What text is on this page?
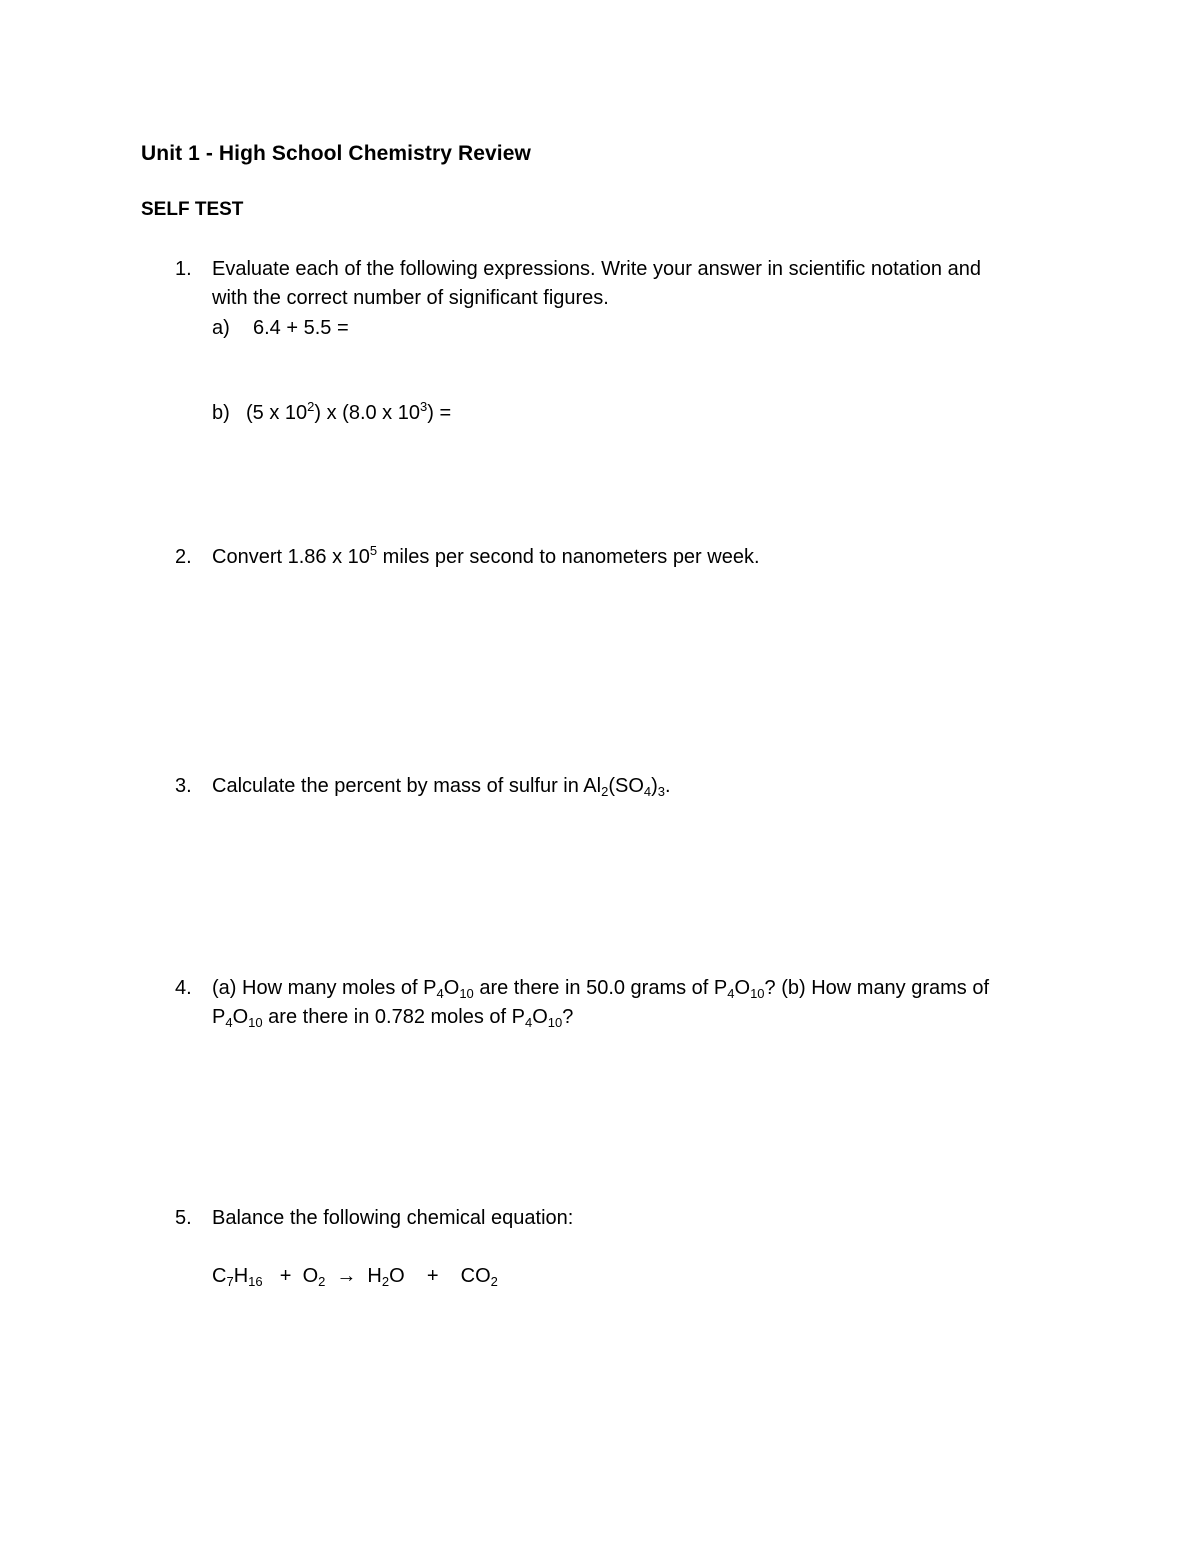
Unit 1 - High School Chemistry Review
SELF TEST
1. Evaluate each of the following expressions. Write your answer in scientific notation and
with the correct number of significant figures.
a) 6.4 + 5.5 =
b) (5 x $10^2$) x (8.0 x $10^3$) =
2. Convert 1.86 x $10^5$ miles per second to nanometers per week.
3. Calculate the percent by mass of sulfur in $Al_2(SO_4)_3$.
4. (a) How many moles of $P_4O_{10}$ are there in 50.0 grams of $P_4O_{10}$? (b) How many grams of
$P_4O_{10}$ are there in 0.782 moles of $P_4O_{10}$?
5. Balance the following chemical equation:
$C_7H_{16} + O_2 \to H_2O + CO_2$
